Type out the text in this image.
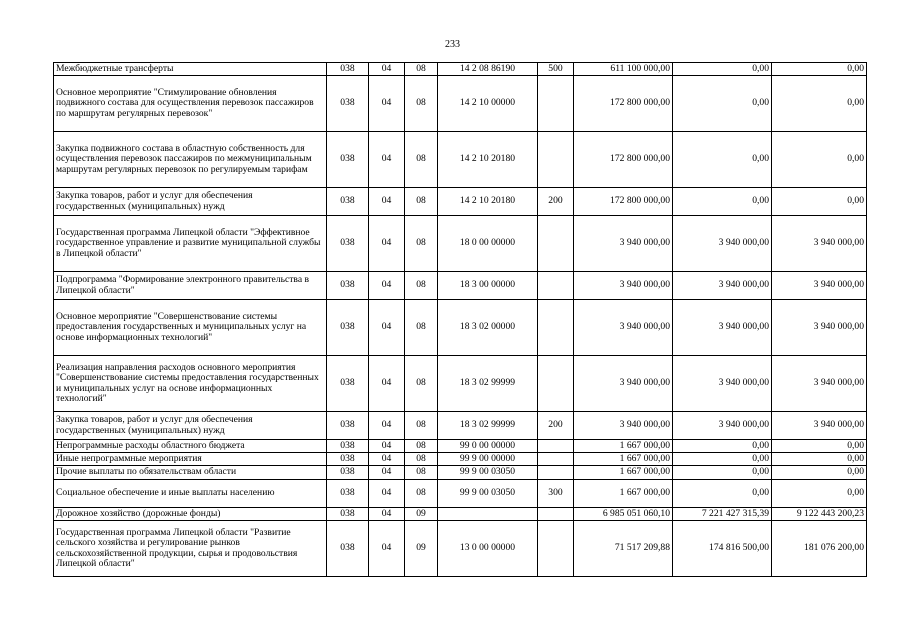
233
Межбюджетные трансферты	038	04	08	14 2 08 86190	500	611 100 000,00	0,00	0,00
Основное мероприятие "Стимулирование обновления подвижного состава для осуществления перевозок пассажиров по маршрутам регулярных перевозок"	038	04	08	14 2 10 00000		172 800 000,00	0,00	0,00
Закупка подвижного состава в областную собственность для осуществления перевозок пассажиров по межмуниципальным маршрутам регулярных перевозок по регулируемым тарифам	038	04	08	14 2 10 20180		172 800 000,00	0,00	0,00
Закупка товаров, работ и услуг для обеспечения государственных (муниципальных) нужд	038	04	08	14 2 10 20180	200	172 800 000,00	0,00	0,00
Государственная программа Липецкой области "Эффективное государственное управление и развитие муниципальной службы в Липецкой области"	038	04	08	18 0 00 00000		3 940 000,00	3 940 000,00	3 940 000,00
Подпрограмма "Формирование электронного правительства в Липецкой области"	038	04	08	18 3 00 00000		3 940 000,00	3 940 000,00	3 940 000,00
Основное мероприятие "Совершенствование системы предоставления государственных и муниципальных услуг на основе информационных технологий"	038	04	08	18 3 02 00000		3 940 000,00	3 940 000,00	3 940 000,00
Реализация направления расходов основного мероприятия "Совершенствование системы предоставления государственных и муниципальных услуг на основе информационных технологий"	038	04	08	18 3 02 99999		3 940 000,00	3 940 000,00	3 940 000,00
Закупка товаров, работ и услуг для обеспечения государственных (муниципальных) нужд	038	04	08	18 3 02 99999	200	3 940 000,00	3 940 000,00	3 940 000,00
Непрограммные расходы областного бюджета	038	04	08	99 0 00 00000		1 667 000,00	0,00	0,00
Иные непрограммные мероприятия	038	04	08	99 9 00 00000		1 667 000,00	0,00	0,00
Прочие выплаты по обязательствам области	038	04	08	99 9 00 03050		1 667 000,00	0,00	0,00
Социальное обеспечение и иные выплаты населению	038	04	08	99 9 00 03050	300	1 667 000,00	0,00	0,00
Дорожное хозяйство (дорожные фонды)	038	04	09			6 985 051 060,10	7 221 427 315,39	9 122 443 200,23
Государственная программа Липецкой области "Развитие сельского хозяйства и регулирование рынков сельскохозяйственной продукции, сырья и продовольствия Липецкой области"	038	04	09	13 0 00 00000		71 517 209,88	174 816 500,00	181 076 200,00
